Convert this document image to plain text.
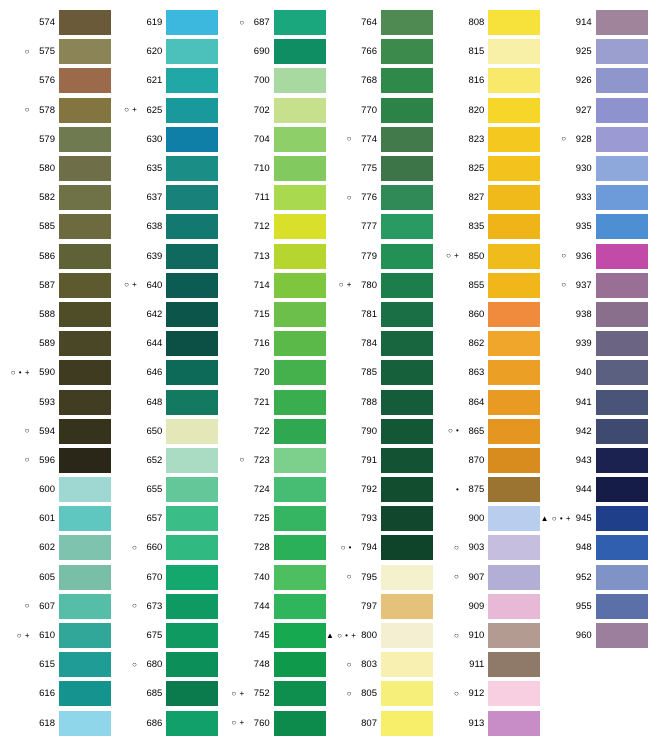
574
○ 575
576
○ 578
579
580
582
585
586
587
588
589
○ • + 590
593
○ 594
○ 596
600
601
602
605
○ 607
○ + 610
615
616
618
619
620
621
○ + 625
630
635
637
638
639
○ + 640
642
644
646
648
650
652
655
657
○ 660
670
○ 673
675
○ 680
685
686
○ 687
690
700
702
704
710
711
712
713
714
715
716
720
721
722
○ 723
724
725
728
740
744
745
748
○ + 752
○ + 760
764
766
768
770
○ 774
775
○ 776
777
779
○ + 780
781
784
785
788
790
791
792
793
○ • 794
○ 795
797
▲ ○ • + 800
○ 803
○ 805
807
808
815
816
820
823
825
827
835
○ + 850
855
860
862
863
864
○ • 865
870
• 875
900
○ 903
○ 907
909
○ 910
911
○ 912
913
914
925
926
927
○ 928
930
933
935
○ 936
○ 937
938
939
940
941
942
943
944
▲ ○ • + 945
948
952
955
960
